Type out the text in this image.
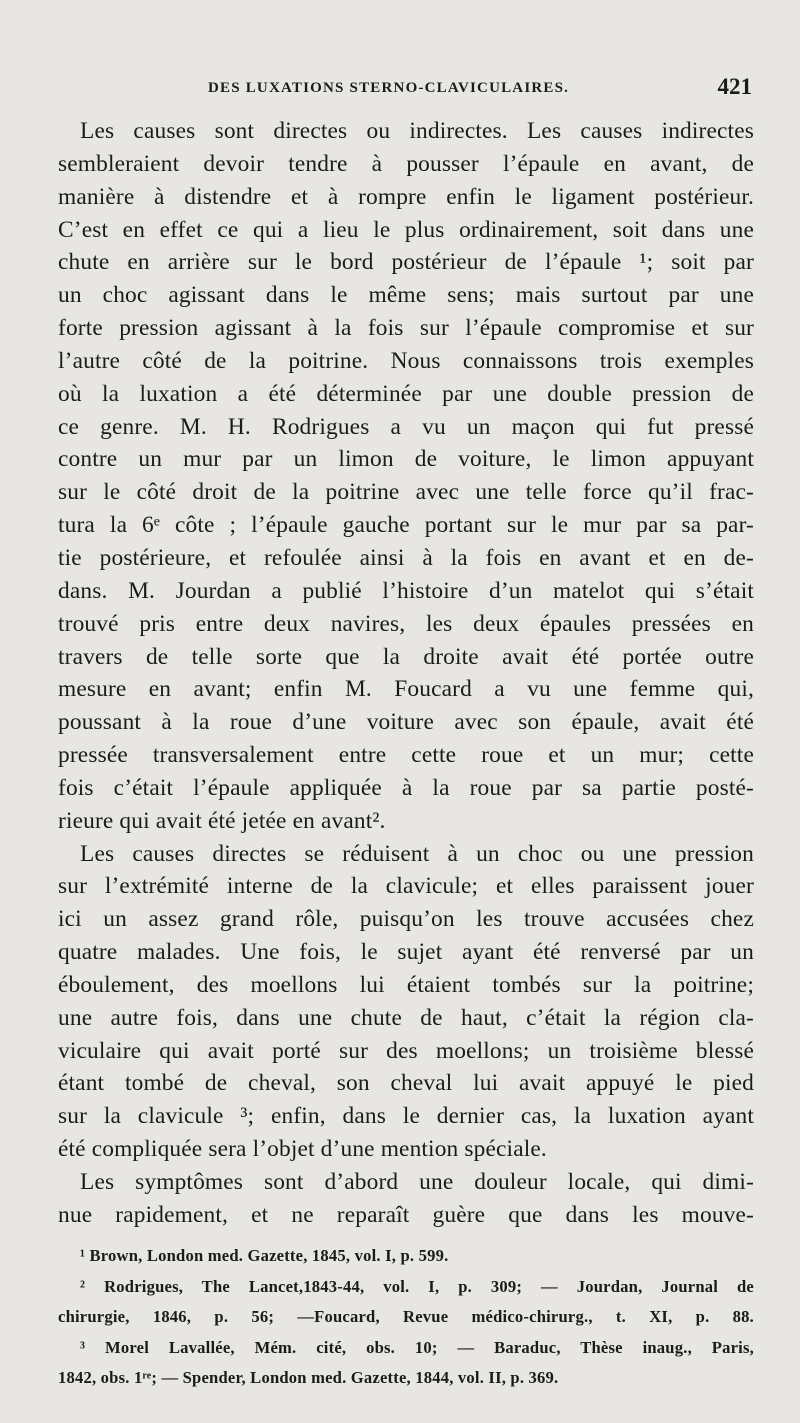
DES LUXATIONS STERNO-CLAVICULAIRES.	421
Les causes sont directes ou indirectes. Les causes indirectes
sembleraient devoir tendre à pousser l’épaule en avant, de
manière à distendre et à rompre enfin le ligament postérieur.
C’est en effet ce qui a lieu le plus ordinairement, soit dans une
chute en arrière sur le bord postérieur de l’épaule ¹; soit par
un choc agissant dans le même sens; mais surtout par une
forte pression agissant à la fois sur l’épaule compromise et sur
l’autre côté de la poitrine. Nous connaissons trois exemples
où la luxation a été déterminée par une double pression de
ce genre. M. H. Rodrigues a vu un maçon qui fut pressé
contre un mur par un limon de voiture, le limon appuyant
sur le côté droit de la poitrine avec une telle force qu’il frac-
tura la 6ᵉ côte ; l’épaule gauche portant sur le mur par sa par-
tie postérieure, et refoulée ainsi à la fois en avant et en de-
dans. M. Jourdan a publié l’histoire d’un matelot qui s’était
trouvé pris entre deux navires, les deux épaules pressées en
travers de telle sorte que la droite avait été portée outre
mesure en avant; enfin M. Foucard a vu une femme qui,
poussant à la roue d’une voiture avec son épaule, avait été
pressée transversalement entre cette roue et un mur; cette
fois c’était l’épaule appliquée à la roue par sa partie posté-
rieure qui avait été jetée en avant².
Les causes directes se réduisent à un choc ou une pression
sur l’extrémité interne de la clavicule; et elles paraissent jouer
ici un assez grand rôle, puisqu’on les trouve accusées chez
quatre malades. Une fois, le sujet ayant été renversé par un
éboulement, des moellons lui étaient tombés sur la poitrine;
une autre fois, dans une chute de haut, c’était la région cla-
viculaire qui avait porté sur des moellons; un troisième blessé
étant tombé de cheval, son cheval lui avait appuyé le pied
sur la clavicule ³; enfin, dans le dernier cas, la luxation ayant
été compliquée sera l’objet d’une mention spéciale.
Les symptômes sont d’abord une douleur locale, qui dimi-
nue rapidement, et ne reparaît guère que dans les mouve-
¹ Brown, London med. Gazette, 1845, vol. I, p. 599.
² Rodrigues, The Lancet,1843-44, vol. I, p. 309; — Jourdan, Journal de
chirurgie, 1846, p. 56; —Foucard, Revue médico-chirurg., t. XI, p. 88.
³ Morel Lavallée, Mém. cité, obs. 10; — Baraduc, Thèse inaug., Paris,
1842, obs. 1ʳᵉ; — Spender, London med. Gazette, 1844, vol. II, p. 369.
